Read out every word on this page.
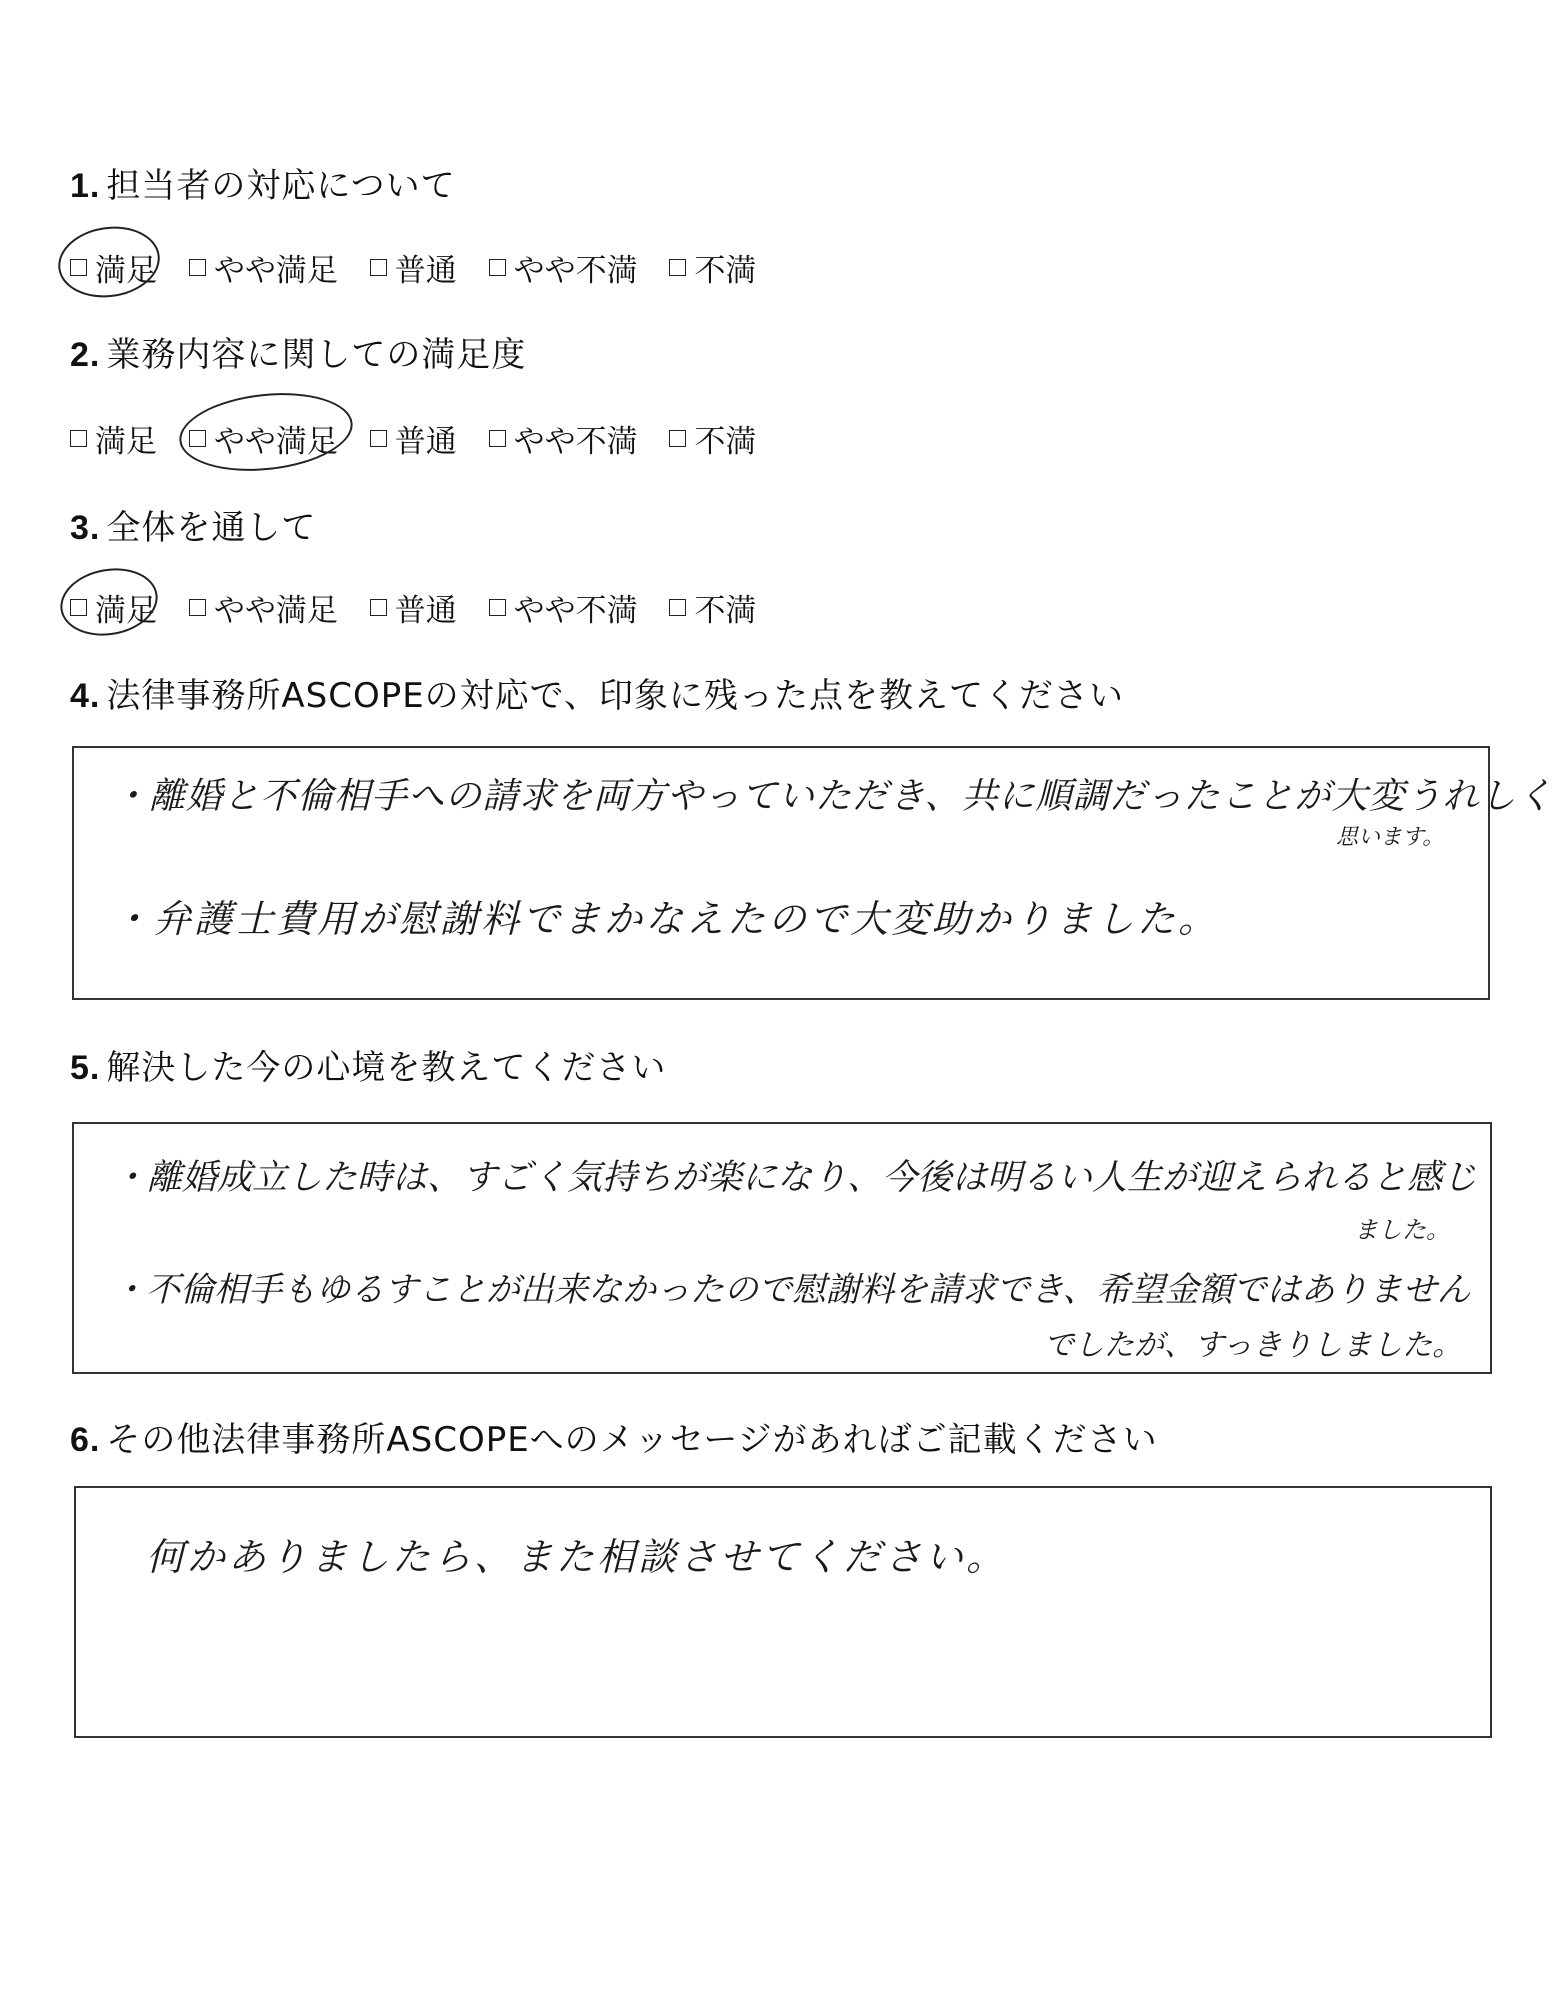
1. 担当者の対応について
満足
やや満足
普通
やや不満
不満
2. 業務内容に関しての満足度
満足
やや満足
普通
やや不満
不満
3. 全体を通して
満足
やや満足
普通
やや不満
不満
4. 法律事務所ASCOPEの対応で、印象に残った点を教えてください
・離婚と不倫相手への請求を両方やっていただき、共に順調だったことが大変うれしく
思います。
・弁護士費用が慰謝料でまかなえたので大変助かりました。
5. 解決した今の心境を教えてください
・離婚成立した時は、すごく気持ちが楽になり、今後は明るい人生が迎えられると感じ
ました。
・不倫相手もゆるすことが出来なかったので慰謝料を請求でき、希望金額ではありません
でしたが、すっきりしました。
6. その他法律事務所ASCOPEへのメッセージがあればご記載ください
何かありましたら、また相談させてください。
